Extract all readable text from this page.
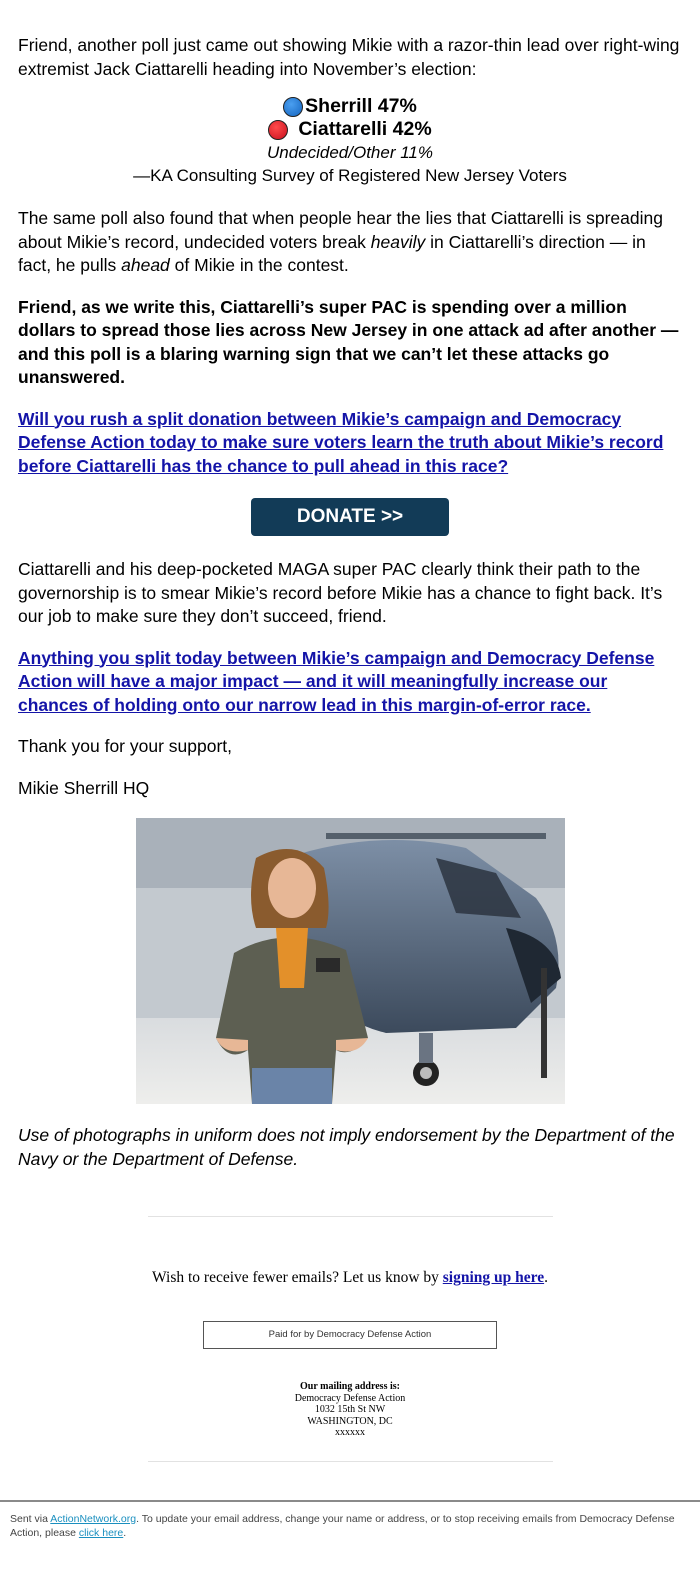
Friend, another poll just came out showing Mikie with a razor-thin lead over right-wing extremist Jack Ciattarelli heading into November’s election:

Sherrill 47%
Ciattarelli 42%
Undecided/Other 11%
—KA Consulting Survey of Registered New Jersey Voters

The same poll also found that when people hear the lies that Ciattarelli is spreading about Mikie’s record, undecided voters break heavily in Ciattarelli’s direction — in fact, he pulls ahead of Mikie in the contest.

Friend, as we write this, Ciattarelli’s super PAC is spending over a million dollars to spread those lies across New Jersey in one attack ad after another — and this poll is a blaring warning sign that we can’t let these attacks go unanswered.

Will you rush a split donation between Mikie’s campaign and Democracy Defense Action today to make sure voters learn the truth about Mikie’s record before Ciattarelli has the chance to pull ahead in this race?

DONATE >>

Ciattarelli and his deep-pocketed MAGA super PAC clearly think their path to the governorship is to smear Mikie’s record before Mikie has a chance to fight back. It’s our job to make sure they don’t succeed, friend.

Anything you split today between Mikie’s campaign and Democracy Defense Action will have a major impact — and it will meaningfully increase our chances of holding onto our narrow lead in this margin-of-error race.

Thank you for your support,

Mikie Sherrill HQ

Use of photographs in uniform does not imply endorsement by the Department of the Navy or the Department of Defense.

Wish to receive fewer emails? Let us know by signing up here.
Paid for by Democracy Defense Action
Our mailing address is:
Democracy Defense Action
1032 15th St NW
WASHINGTON, DC
xxxxxx
Sent via ActionNetwork.org. To update your email address, change your name or address, or to stop receiving emails from Democracy Defense Action, please click here.
